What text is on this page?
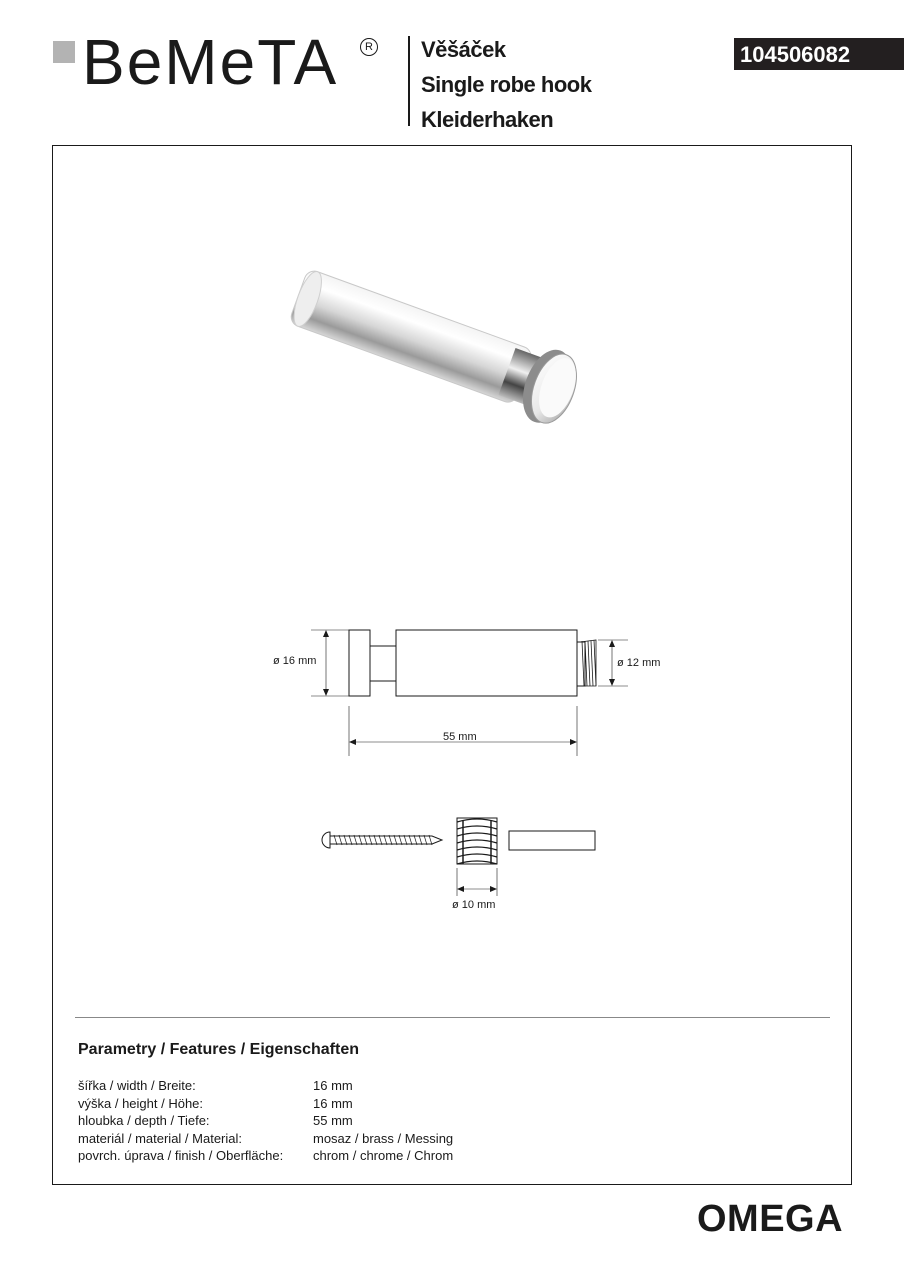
BeMeTA	R Věšáček
Single robe hook
Kleiderhaken
104506082
ø 16 mm	ø 12 mm
55 mm
ø 10 mm
Parametry / Features / Eigenschaften
šířka / width / Breite:	16 mm
výška / height / Höhe:	16 mm
hloubka / depth / Tiefe:	55 mm
materiál / material / Material:	mosaz / brass / Messing
povrch. úprava / finish / Oberfläche:	chrom / chrome / Chrom
OMEGA
